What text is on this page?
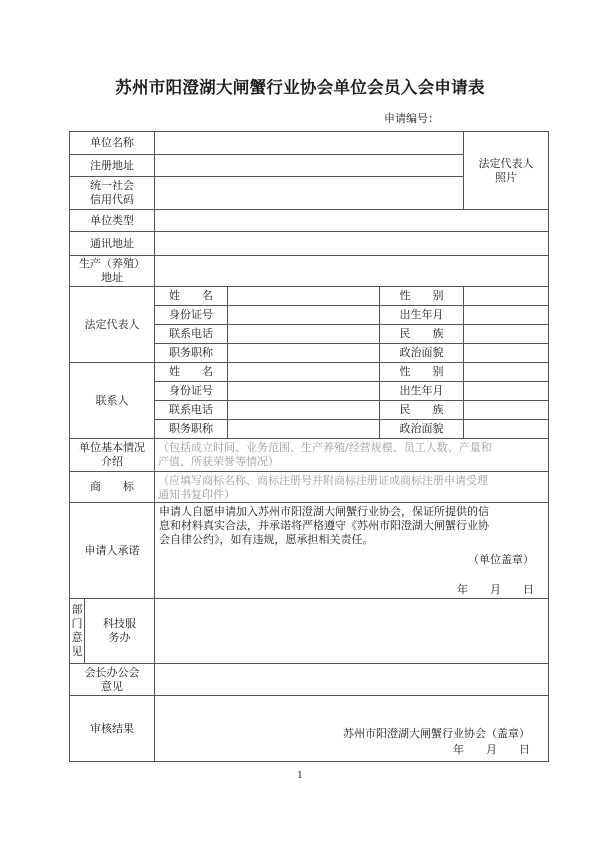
苏州市阳澄湖大闸蟹行业协会单位会员入会申请表
申请编号：
单位名称					法定代表人
照片
注册地址					
统一社会
信用代码					
单位类型					
通讯地址					
生产（养殖）
地址					
法定代表人		姓　　名		性　　别	
		身份证号		出生年月	
		联系电话		民　　族	
		职务职称		政治面貌	
联系人		姓　　名		性　　别	
		身份证号		出生年月	
		联系电话		民　　族	
		职务职称		政治面貌	
单位基本情况
介绍		（包括成立时间、业务范围、生产养殖/经营规模、员工人数、产量和
产值、所获荣誉等情况）			
商　　标		（应填写商标名称、商标注册号并附商标注册证或商标注册申请受理
通知书复印件）			
申请人承诺		申请人自愿申请加入苏州市阳澄湖大闸蟹行业协会，保证所提供的信
息和材料真实合法，并承诺将严格遵守《苏州市阳澄湖大闸蟹行业协
会自律公约》，如有违规，愿承担相关责任。
（单位盖章）
年　　月　　日			

部
门
意
见	科技服
务办				
会长办公会
意见					
审核结果		苏州市阳澄湖大闸蟹行业协会（盖章）
年　　月　　日			
1
